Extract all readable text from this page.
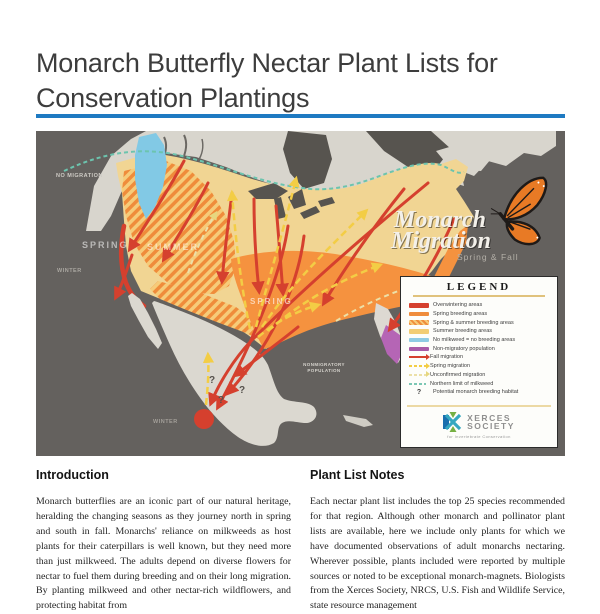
Monarch Butterfly Nectar Plant Lists for Conservation Plantings
?
?
?
NO MIGRATION
SPRING SUMMER
WINTER
SPRING
NONMIGRATORY
POPULATION
WINTER
Monarch
Migration
Spring & Fall
LEGEND
Overwintering areas
Spring breeding areas
Spring & summer breeding areas
Summer breeding areas
No milkweed = no breeding areas
Non-migratory population
Fall migration
Spring migration
Unconfirmed migration
Northern limit of milkweed
?	Potential monarch breeding habitat
XERCES
SOCIETY
for Invertebrate Conservation
Introduction

Monarch butterflies are an iconic part of our natural heritage, heralding the changing seasons as they journey north in spring and south in fall. Monarchs' reliance on milkweeds as host plants for their caterpillars is well known, but they need more than just milkweed. The adults depend on diverse flowers for nectar to fuel them during breeding and on their long migration. By planting milkweed and other nectar-rich wildflowers, and protecting habitat from

Plant List Notes

Each nectar plant list includes the top 25 species recommended for that region. Although other monarch and pollinator plant lists are available, here we include only plants for which we have documented observations of adult monarchs nectaring. Wherever possible, plants included were reported by multiple sources or noted to be exceptional monarch-magnets. Biologists from the Xerces Society, NRCS, U.S. Fish and Wildlife Service, state resource management
